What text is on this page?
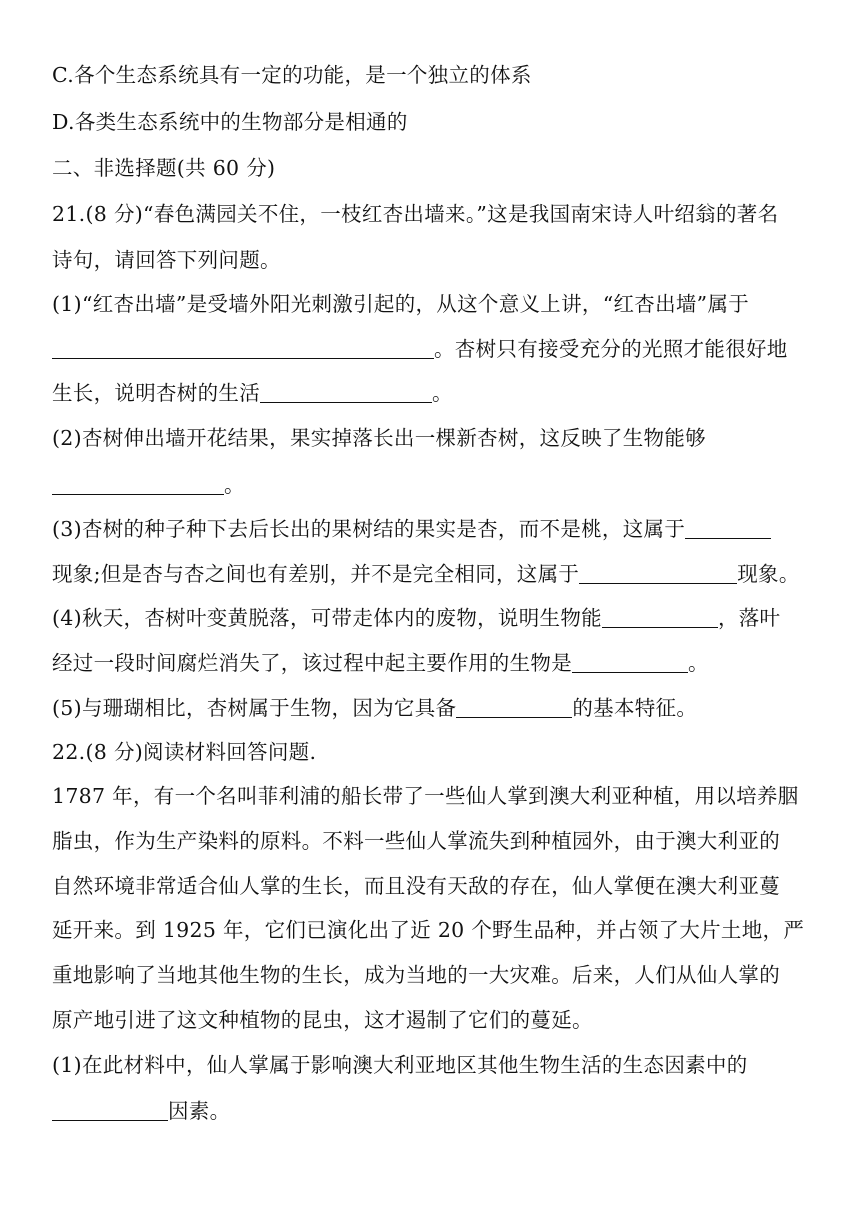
C.各个生态系统具有一定的功能，是一个独立的体系
D.各类生态系统中的生物部分是相通的
二、非选择题(共 60 分)
21.(8 分)“春色满园关不住，一枝红杏出墙来。”这是我国南宋诗人叶绍翁的著名
诗句，请回答下列问题。
(1)“红杏出墙”是受墙外阳光刺激引起的，从这个意义上讲，“红杏出墙”属于
。杏树只有接受充分的光照才能很好地
生长，说明杏树的生活	。
(2)杏树伸出墙开花结果，果实掉落长出一棵新杏树，这反映了生物能够
。
(3)杏树的种子种下去后长出的果树结的果实是杏，而不是桃，这属于
现象;但是杏与杏之间也有差别，并不是完全相同，这属于	现象。
(4)秋天，杏树叶变黄脱落，可带走体内的废物，说明生物能	，落叶
经过一段时间腐烂消失了，该过程中起主要作用的生物是	。
(5)与珊瑚相比，杏树属于生物，因为它具备	的基本特征。
22.(8 分)阅读材料回答问题.
1787 年，有一个名叫菲利浦的船长带了一些仙人掌到澳大利亚种植，用以培养胭
脂虫，作为生产染料的原料。不料一些仙人掌流失到种植园外，由于澳大利亚的
自然环境非常适合仙人掌的生长，而且没有天敌的存在，仙人掌便在澳大利亚蔓
延开来。到 1925 年，它们已演化出了近 20 个野生品种，并占领了大片土地，严
重地影响了当地其他生物的生长，成为当地的一大灾难。后来，人们从仙人掌的
原产地引进了这文种植物的昆虫，这才遏制了它们的蔓延。
(1)在此材料中，仙人掌属于影响澳大利亚地区其他生物生活的生态因素中的
因素。
